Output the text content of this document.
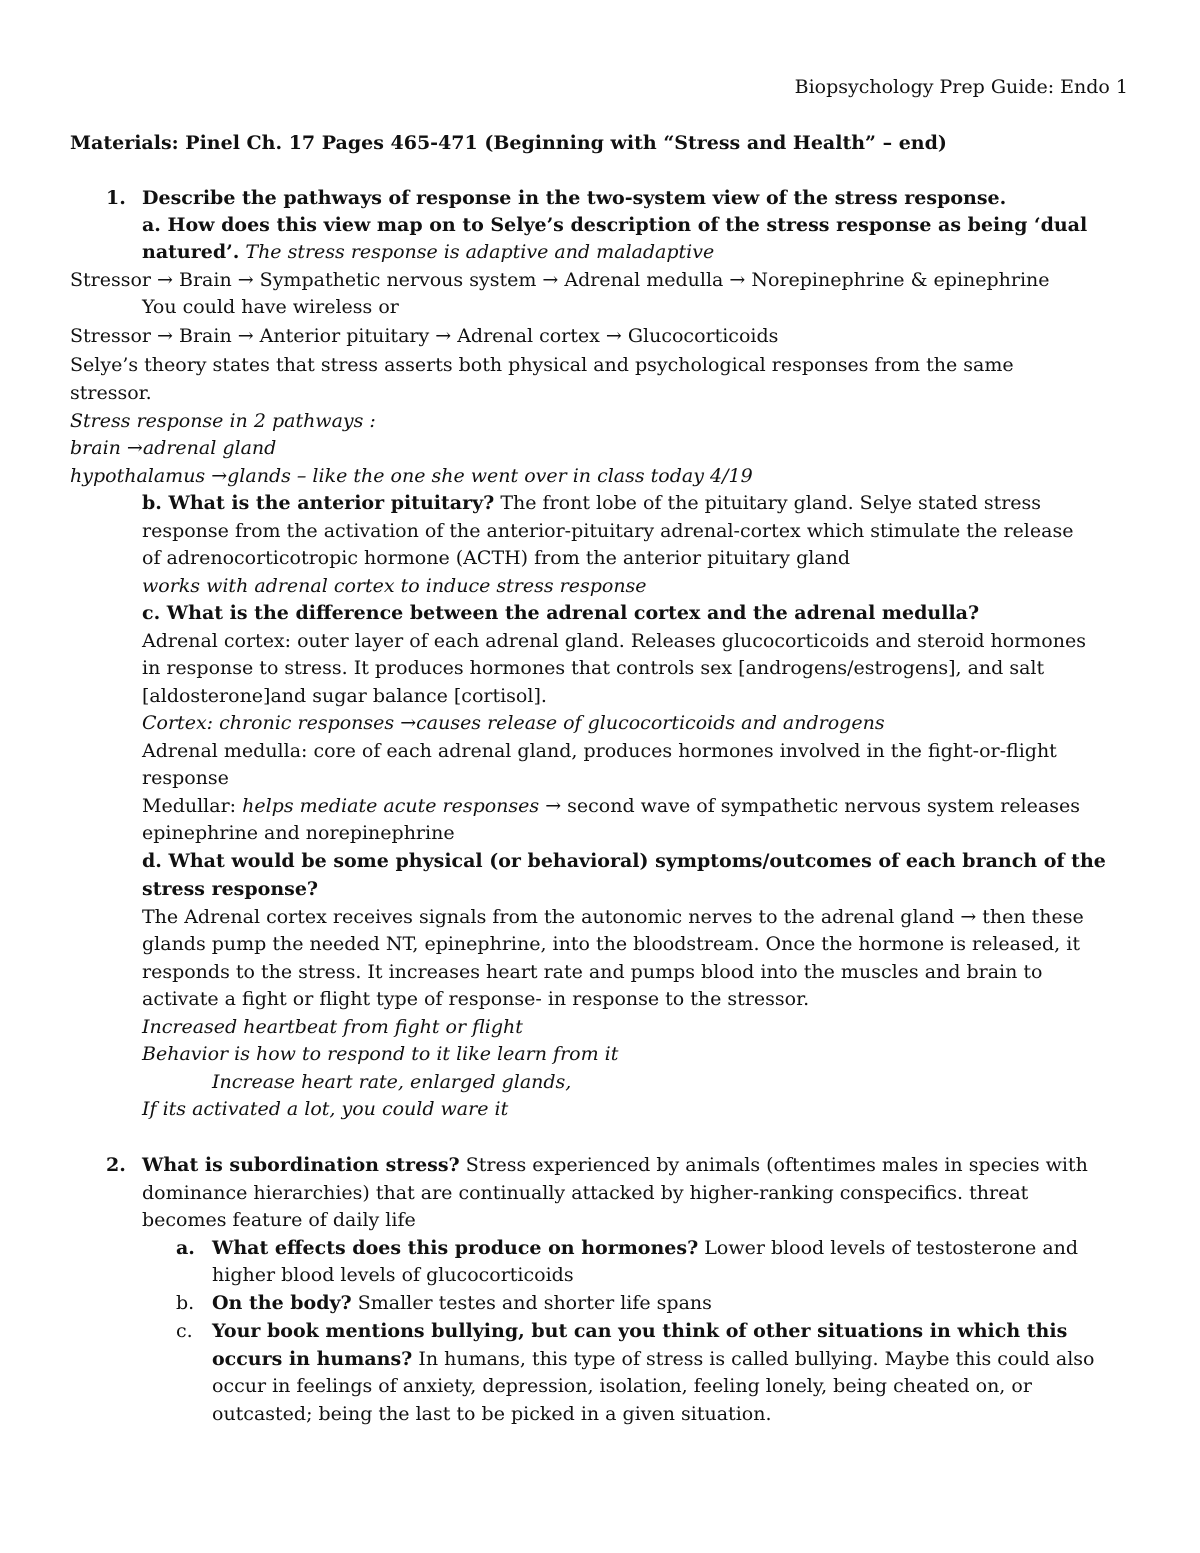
Biopsychology Prep Guide: Endo 1
Materials: Pinel Ch. 17 Pages 465-471 (Beginning with “Stress and Health” – end)
1. Describe the pathways of response in the two-system view of the stress response.
a. How does this view map on to Selye’s description of the stress response as being ‘dual
natured’. The stress response is adaptive and maladaptive
Stressor → Brain → Sympathetic nervous system → Adrenal medulla → Norepinephrine & epinephrine
You could have wireless or
Stressor → Brain → Anterior pituitary → Adrenal cortex → Glucocorticoids
Selye’s theory states that stress asserts both physical and psychological responses from the same
stressor.
Stress response in 2 pathways :
brain →adrenal gland
hypothalamus →glands – like the one she went over in class today 4/19
b. What is the anterior pituitary? The front lobe of the pituitary gland. Selye stated stress
response from the activation of the anterior-pituitary adrenal-cortex which stimulate the release
of adrenocorticotropic hormone (ACTH) from the anterior pituitary gland
works with adrenal cortex to induce stress response
c. What is the difference between the adrenal cortex and the adrenal medulla?
Adrenal cortex: outer layer of each adrenal gland. Releases glucocorticoids and steroid hormones
in response to stress. It produces hormones that controls sex [androgens/estrogens], and salt
[aldosterone]and sugar balance [cortisol].
Cortex: chronic responses →causes release of glucocorticoids and androgens
Adrenal medulla: core of each adrenal gland, produces hormones involved in the fight-or-flight
response
Medullar: helps mediate acute responses → second wave of sympathetic nervous system releases
epinephrine and norepinephrine
d. What would be some physical (or behavioral) symptoms/outcomes of each branch of the
stress response?
The Adrenal cortex receives signals from the autonomic nerves to the adrenal gland → then these
glands pump the needed NT, epinephrine, into the bloodstream. Once the hormone is released, it
responds to the stress. It increases heart rate and pumps blood into the muscles and brain to
activate a fight or flight type of response- in response to the stressor.
Increased heartbeat from fight or flight
Behavior is how to respond to it like learn from it
Increase heart rate, enlarged glands,
If its activated a lot, you could ware it
2. What is subordination stress? Stress experienced by animals (oftentimes males in species with
dominance hierarchies) that are continually attacked by higher-ranking conspecifics. threat
becomes feature of daily life
a. What effects does this produce on hormones? Lower blood levels of testosterone and
higher blood levels of glucocorticoids
b. On the body? Smaller testes and shorter life spans
c. Your book mentions bullying, but can you think of other situations in which this
occurs in humans? In humans, this type of stress is called bullying. Maybe this could also
occur in feelings of anxiety, depression, isolation, feeling lonely, being cheated on, or
outcasted; being the last to be picked in a given situation.
